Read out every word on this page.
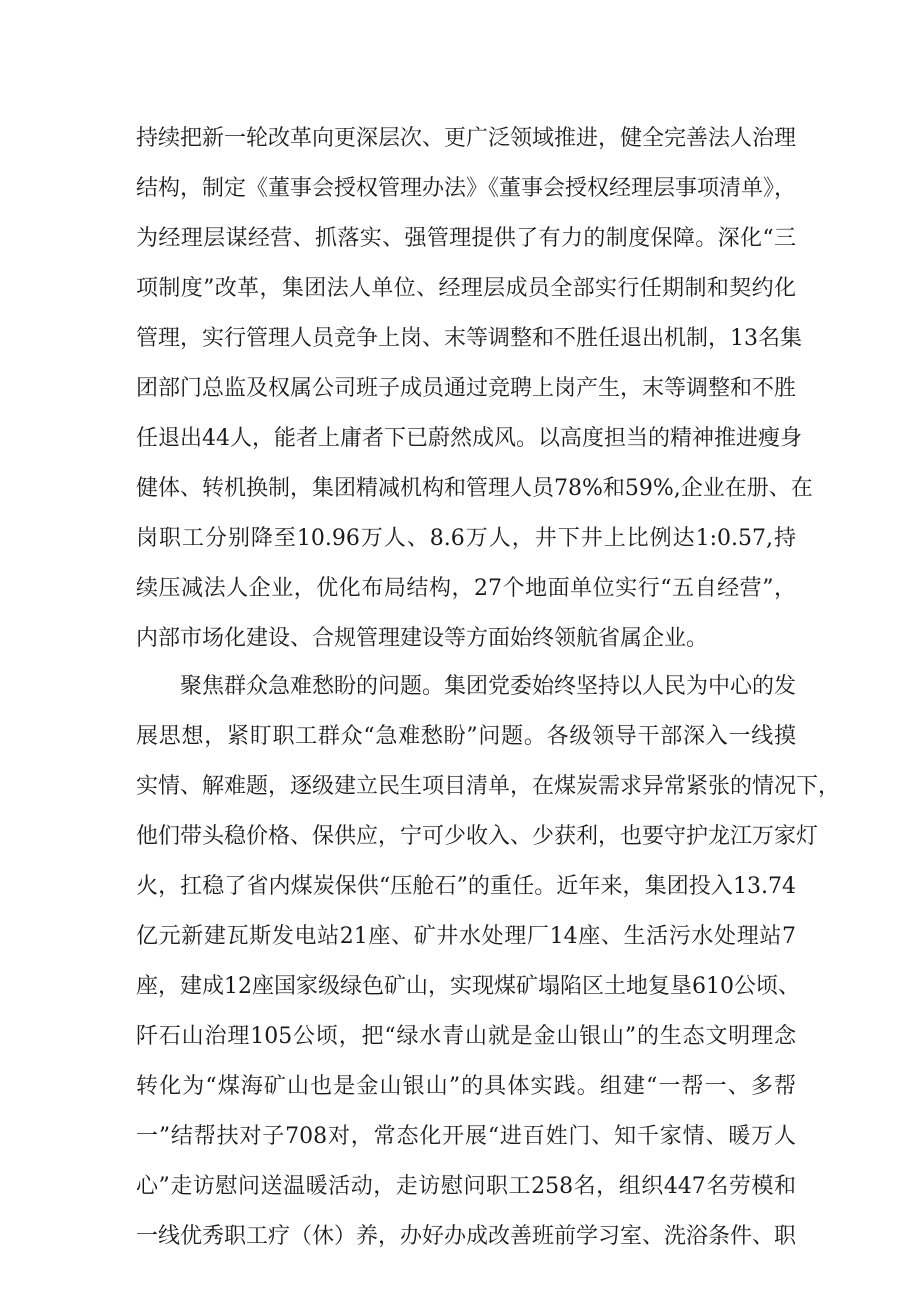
持续把新一轮改革向更深层次、更广泛领域推进，健全完善法人治理
结构，制定《董事会授权管理办法》《董事会授权经理层事项清单》，
为经理层谋经营、抓落实、强管理提供了有力的制度保障。深化“三
项制度”改革，集团法人单位、经理层成员全部实行任期制和契约化
管理，实行管理人员竞争上岗、末等调整和不胜任退出机制，13名集
团部门总监及权属公司班子成员通过竞聘上岗产生，末等调整和不胜
任退出44人，能者上庸者下已蔚然成风。以高度担当的精神推进瘦身
健体、转机换制，集团精减机构和管理人员78%和59%,企业在册、在
岗职工分别降至10.96万人、8.6万人，井下井上比例达1:0.57,持
续压减法人企业，优化布局结构，27个地面单位实行“五自经营”，
内部市场化建设、合规管理建设等方面始终领航省属企业。
聚焦群众急难愁盼的问题。集团党委始终坚持以人民为中心的发
展思想，紧盯职工群众“急难愁盼”问题。各级领导干部深入一线摸
实情、解难题，逐级建立民生项目清单，在煤炭需求异常紧张的情况下，
他们带头稳价格、保供应，宁可少收入、少获利，也要守护龙江万家灯
火，扛稳了省内煤炭保供“压舱石”的重任。近年来，集团投入13.74
亿元新建瓦斯发电站21座、矿井水处理厂14座、生活污水处理站7
座，建成12座国家级绿色矿山，实现煤矿塌陷区土地复垦610公顷、
阡石山治理105公顷，把“绿水青山就是金山银山”的生态文明理念
转化为“煤海矿山也是金山银山”的具体实践。组建“一帮一、多帮
一”结帮扶对子708对，常态化开展“进百姓门、知千家情、暖万人
心”走访慰问送温暖活动，走访慰问职工258名，组织447名劳模和
一线优秀职工疗（休）养，办好办成改善班前学习室、洗浴条件、职
